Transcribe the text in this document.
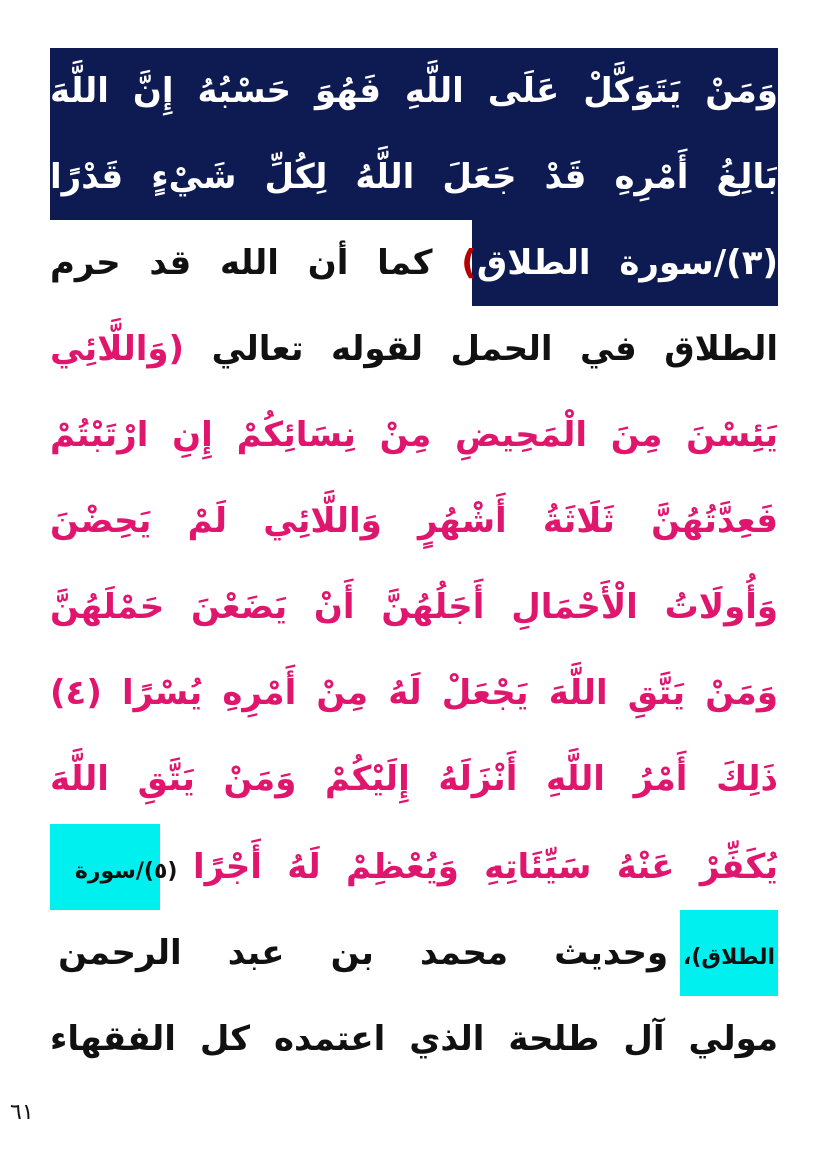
وَمَنْ يَتَوَكَّلْ عَلَى اللَّهِ فَهُوَ حَسْبُهُ إِنَّ اللَّهَ
بَالِغُ أَمْرِهِ قَدْ جَعَلَ اللَّهُ لِكُلِّ شَيْءٍ قَدْرًا
(٣)/سورة الطلاق) كما أن الله قد حرم
الطلاق في الحمل لقوله تعالي (وَاللَّائِي
يَئِسْنَ مِنَ الْمَحِيضِ مِنْ نِسَائِكُمْ إِنِ ارْتَبْتُمْ
فَعِدَّتُهُنَّ ثَلَاثَةُ أَشْهُرٍ وَاللَّائِي لَمْ يَحِضْنَ
وَأُولَاتُ الْأَحْمَالِ أَجَلُهُنَّ أَنْ يَضَعْنَ حَمْلَهُنَّ
وَمَنْ يَتَّقِ اللَّهَ يَجْعَلْ لَهُ مِنْ أَمْرِهِ يُسْرًا (٤)
ذَلِكَ أَمْرُ اللَّهِ أَنْزَلَهُ إِلَيْكُمْ وَمَنْ يَتَّقِ اللَّهَ
يُكَفِّرْ عَنْهُ سَيِّئَاتِهِ وَيُعْظِمْ لَهُ أَجْرًا (٥)/سورة
الطلاق)، وحديث محمد بن عبد الرحمن
مولي آل طلحة الذي اعتمده كل الفقهاء
٦١
